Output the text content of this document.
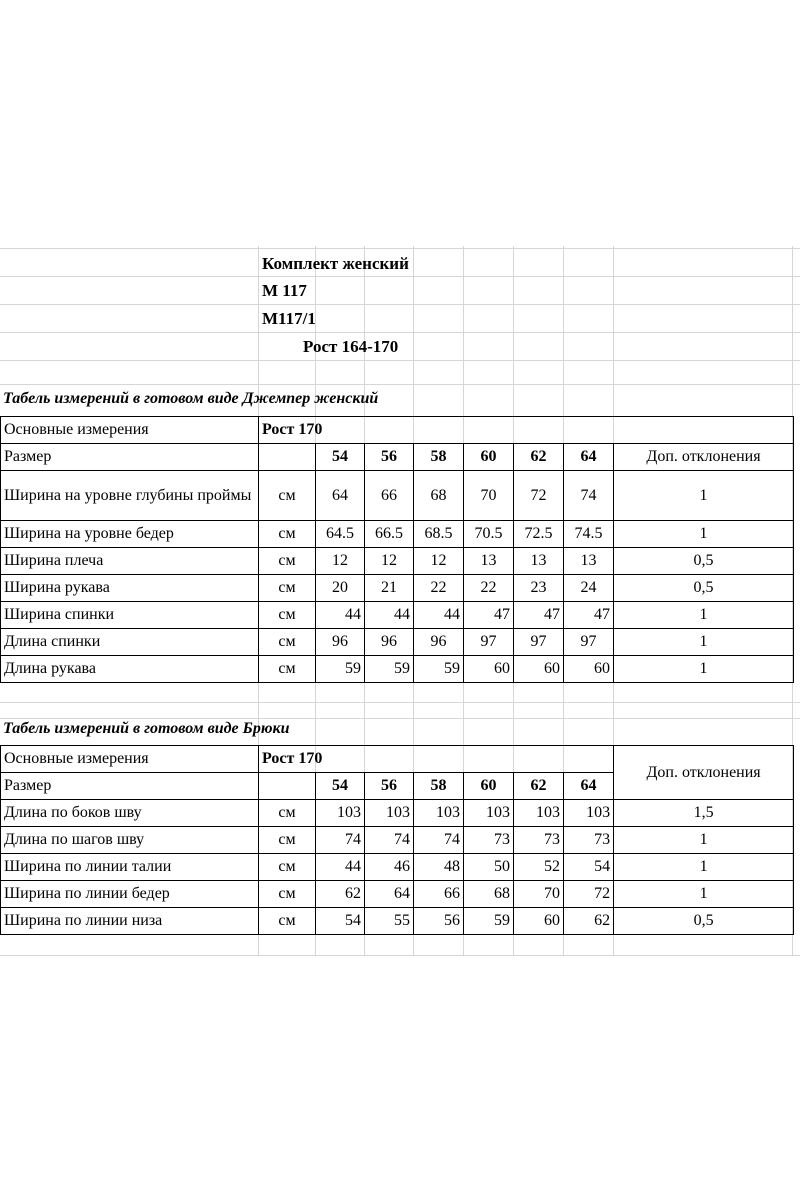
Комплект женский
М 117
М117/1
Рост 164-170
Табель измерений в готовом виде Джемпер женский
Основные измерения	Рост 170							
Размер		54	56	58	60	62	64	Доп. отклонения
Ширина на уровне глубины проймы	см	64	66	68	70	72	74	1
Ширина на уровне бедер	см	64.5	66.5	68.5	70.5	72.5	74.5	1
Ширина плеча	см	12	12	12	13	13	13	0,5
Ширина рукава	см	20	21	22	22	23	24	0,5
Ширина спинки	см	44	44	44	47	47	47	1
Длина спинки	см	96	96	96	97	97	97	1
Длина рукава	см	59	59	59	60	60	60	1
Табель измерений в готовом виде Брюки
Основные измерения	Рост 170							Доп. отклонения
Размер		54	56	58	60	62	64	
Длина по боков шву	см	103	103	103	103	103	103	1,5
Длина по шагов шву	см	74	74	74	73	73	73	1
Ширина по линии талии	см	44	46	48	50	52	54	1
Ширина по линии бедер	см	62	64	66	68	70	72	1
Ширина по линии низа	см	54	55	56	59	60	62	0,5
